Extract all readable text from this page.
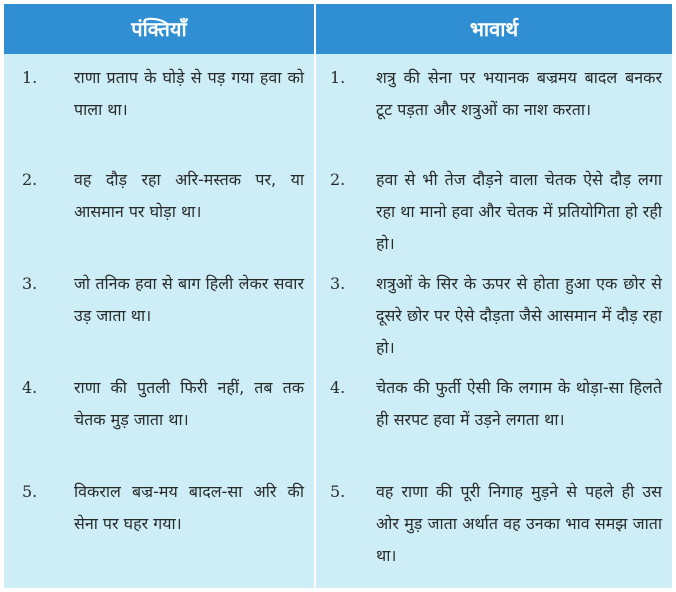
पंक्तियाँ	भावार्थ
1. राणा प्रताप के घोड़े से पड़ गया हवा को पाला था।
1. शत्रु की सेना पर भयानक बज्रमय बादल बनकर टूट पड़ता और शत्रुओं का नाश करता।
2. वह दौड़ रहा अरि-मस्तक पर, या आसमान पर घोड़ा था।
2. हवा से भी तेज दौड़ने वाला चेतक ऐसे दौड़ लगा रहा था मानो हवा और चेतक में प्रतियोगिता हो रही हो।
3. जो तनिक हवा से बाग हिली लेकर सवार उड़ जाता था।
3. शत्रुओं के सिर के ऊपर से होता हुआ एक छोर से दूसरे छोर पर ऐसे दौड़ता जैसे आसमान में दौड़ रहा हो।
4. राणा की पुतली फिरी नहीं, तब तक चेतक मुड़ जाता था।
4. चेतक की फुर्ती ऐसी कि लगाम के थोड़ा-सा हिलते ही सरपट हवा में उड़ने लगता था।
5. विकराल बज्र-मय बादल-सा अरि की सेना पर घहर गया।
5. वह राणा की पूरी निगाह मुड़ने से पहले ही उस ओर मुड़ जाता अर्थात वह उनका भाव समझ जाता था।
